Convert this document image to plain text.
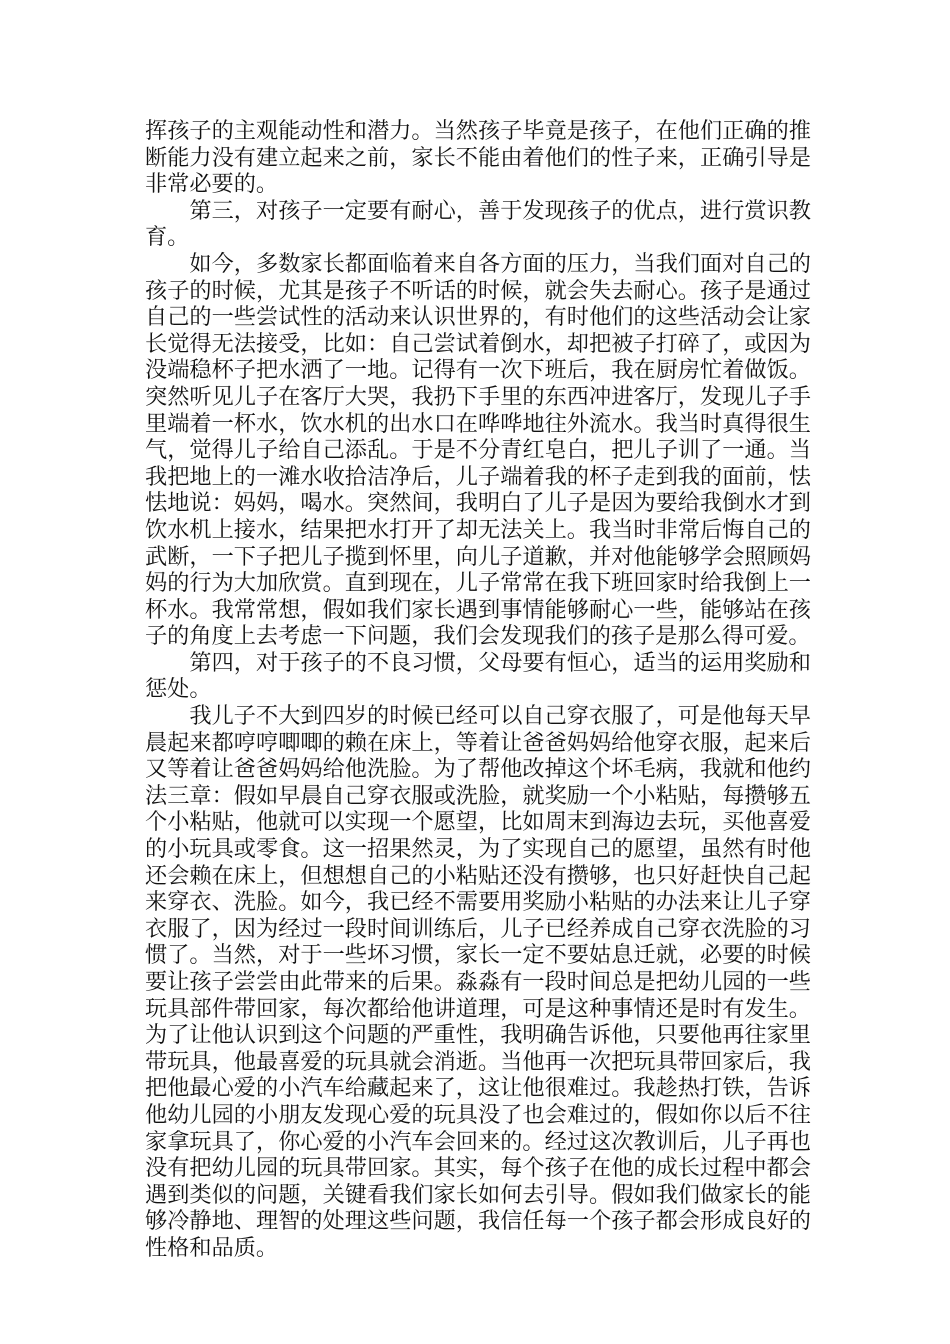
挥孩子的主观能动性和潜力。当然孩子毕竟是孩子，在他们正确的推断能力没有建立起来之前，家长不能由着他们的性子来，正确引导是非常必要的。

第三，对孩子一定要有耐心，善于发现孩子的优点，进行赏识教育。

如今，多数家长都面临着来自各方面的压力，当我们面对自己的孩子的时候，尤其是孩子不听话的时候，就会失去耐心。孩子是通过自己的一些尝试性的活动来认识世界的，有时他们的这些活动会让家长觉得无法接受，比如：自己尝试着倒水，却把被子打碎了，或因为没端稳杯子把水洒了一地。记得有一次下班后，我在厨房忙着做饭。突然听见儿子在客厅大哭，我扔下手里的东西冲进客厅，发现儿子手里端着一杯水，饮水机的出水口在哗哗地往外流水。我当时真得很生气，觉得儿子给自己添乱。于是不分青红皂白，把儿子训了一通。当我把地上的一滩水收拾洁净后，儿子端着我的杯子走到我的面前，怯怯地说：妈妈，喝水。突然间，我明白了儿子是因为要给我倒水才到饮水机上接水，结果把水打开了却无法关上。我当时非常后悔自己的武断，一下子把儿子揽到怀里，向儿子道歉，并对他能够学会照顾妈妈的行为大加欣赏。直到现在，儿子常常在我下班回家时给我倒上一杯水。我常常想，假如我们家长遇到事情能够耐心一些，能够站在孩子的角度上去考虑一下问题，我们会发现我们的孩子是那么得可爱。

第四，对于孩子的不良习惯，父母要有恒心，适当的运用奖励和惩处。

我儿子不大到四岁的时候已经可以自己穿衣服了，可是他每天早晨起来都哼哼唧唧的赖在床上，等着让爸爸妈妈给他穿衣服，起来后又等着让爸爸妈妈给他洗脸。为了帮他改掉这个坏毛病，我就和他约法三章：假如早晨自己穿衣服或洗脸，就奖励一个小粘贴，每攒够五个小粘贴，他就可以实现一个愿望，比如周末到海边去玩，买他喜爱的小玩具或零食。这一招果然灵，为了实现自己的愿望，虽然有时他还会赖在床上，但想想自己的小粘贴还没有攒够，也只好赶快自己起来穿衣、洗脸。如今，我已经不需要用奖励小粘贴的办法来让儿子穿衣服了，因为经过一段时间训练后，儿子已经养成自己穿衣洗脸的习惯了。当然，对于一些坏习惯，家长一定不要姑息迁就，必要的时候要让孩子尝尝由此带来的后果。淼淼有一段时间总是把幼儿园的一些玩具部件带回家，每次都给他讲道理，可是这种事情还是时有发生。为了让他认识到这个问题的严重性，我明确告诉他，只要他再往家里带玩具，他最喜爱的玩具就会消逝。当他再一次把玩具带回家后，我把他最心爱的小汽车给藏起来了，这让他很难过。我趁热打铁，告诉他幼儿园的小朋友发现心爱的玩具没了也会难过的，假如你以后不往家拿玩具了，你心爱的小汽车会回来的。经过这次教训后，儿子再也没有把幼儿园的玩具带回家。其实，每个孩子在他的成长过程中都会遇到类似的问题，关键看我们家长如何去引导。假如我们做家长的能够冷静地、理智的处理这些问题，我信任每一个孩子都会形成良好的性格和品质。
